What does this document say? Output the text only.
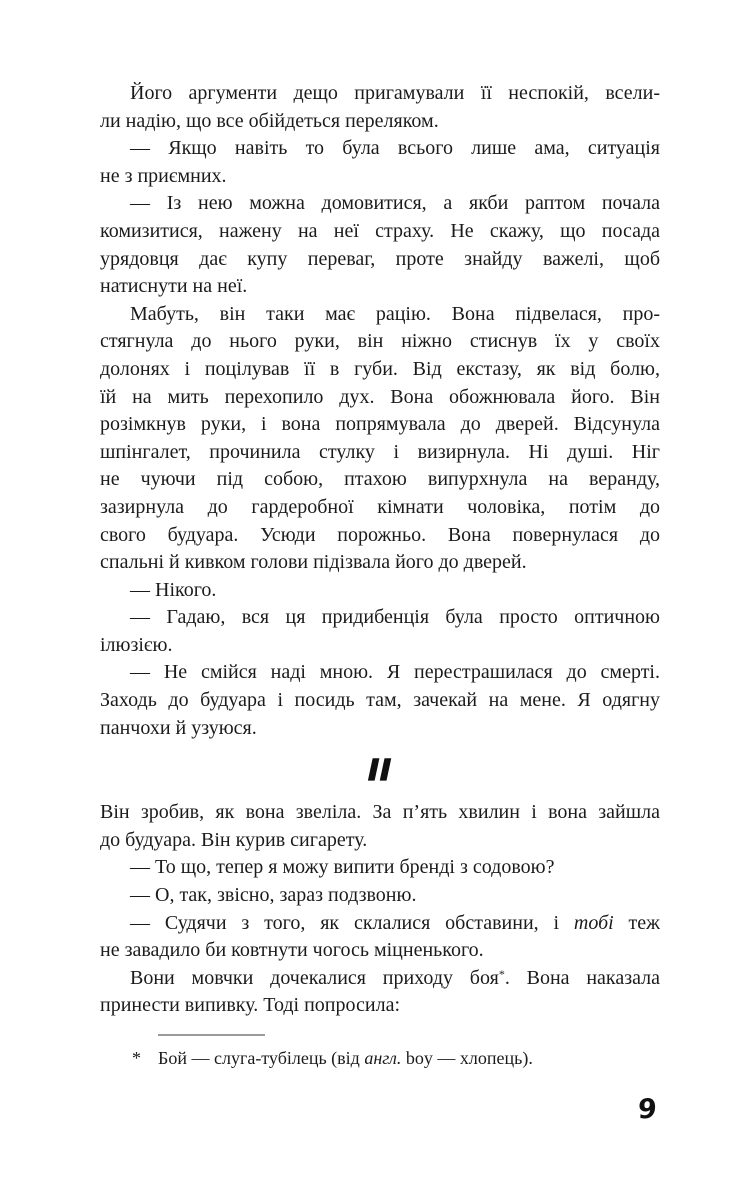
Його аргументи дещо пригамували її неспокій, всели-
ли надію, що все обійдеться переляком.
— Якщо навіть то була всього лише ама, ситуація
не з приємних.
— Із нею можна домовитися, а якби раптом почала
комизитися, нажену на неї страху. Не скажу, що посада
урядовця дає купу переваг, проте знайду важелі, щоб
натиснути на неї.
Мабуть, він таки має рацію. Вона підвелася, про-
стягнула до нього руки, він ніжно стиснув їх у своїх
долонях і поцілував її в губи. Від екстазу, як від болю,
їй на мить перехопило дух. Вона обожнювала його. Він
розімкнув руки, і вона попрямувала до дверей. Відсунула
шпінгалет, прочинила стулку і визирнула. Ні душі. Ніг
не чуючи під собою, птахою випурхнула на веранду,
зазирнула до гардеробної кімнати чоловіка, потім до
свого будуара. Усюди порожньо. Вона повернулася до
спальні й кивком голови підізвала його до дверей.
— Нікого.
— Гадаю, вся ця придибенція була просто оптичною
ілюзією.
— Не смійся наді мною. Я перестрашилася до смерті.
Заходь до будуара і посидь там, зачекай на мене. Я одягну
панчохи й узуюся.
II
Він зробив, як вона звеліла. За п’ять хвилин і вона зайшла
до будуара. Він курив сигарету.
— То що, тепер я можу випити бренді з содовою?
— О, так, звісно, зараз подзвоню.
— Судячи з того, як склалися обставини, і тобі теж
не завадило би ковтнути чогось міцненького.
Вони мовчки дочекалися приходу боя*. Вона наказала
принести випивку. Тоді попросила:
* Бой — слуга-тубілець (від англ. boy — хлопець).
9
